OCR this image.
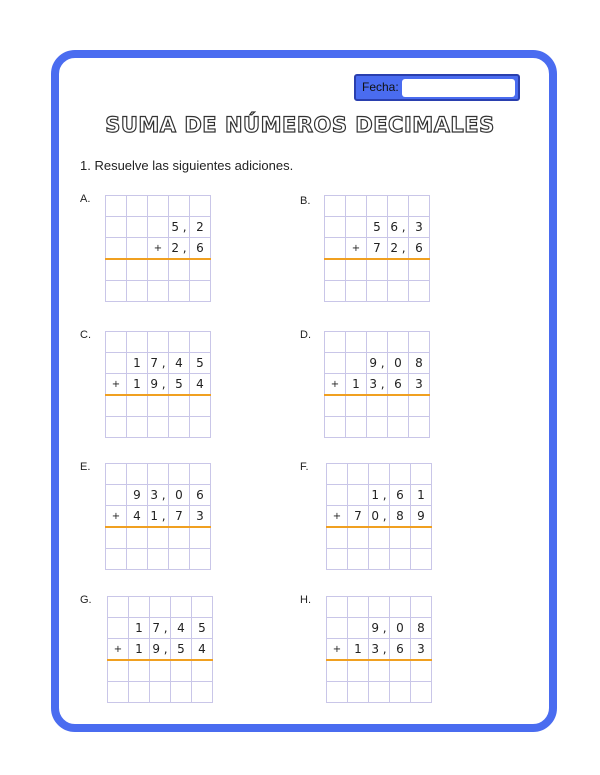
Fecha:
SUMA DE NÚMEROS DECIMALES
1. Resuelve las siguientes adiciones.
A.

			5 ,	2
		+	2 ,	6

B.

		5	6 ,	3
	+	7	2 ,	6

C.

	1	7 ,	4	5
+	1	9 ,	5	4

D.

		9 ,	0	8
+	1	3 ,	6	3

E.

	9	3 ,	0	6
+	4	1 ,	7	3

F.

		1 ,	6	1
+	7	0 ,	8	9

G.

	1	7 ,	4	5
+	1	9 ,	5	4

H.

		9 ,	0	8
+	1	3 ,	6	3
